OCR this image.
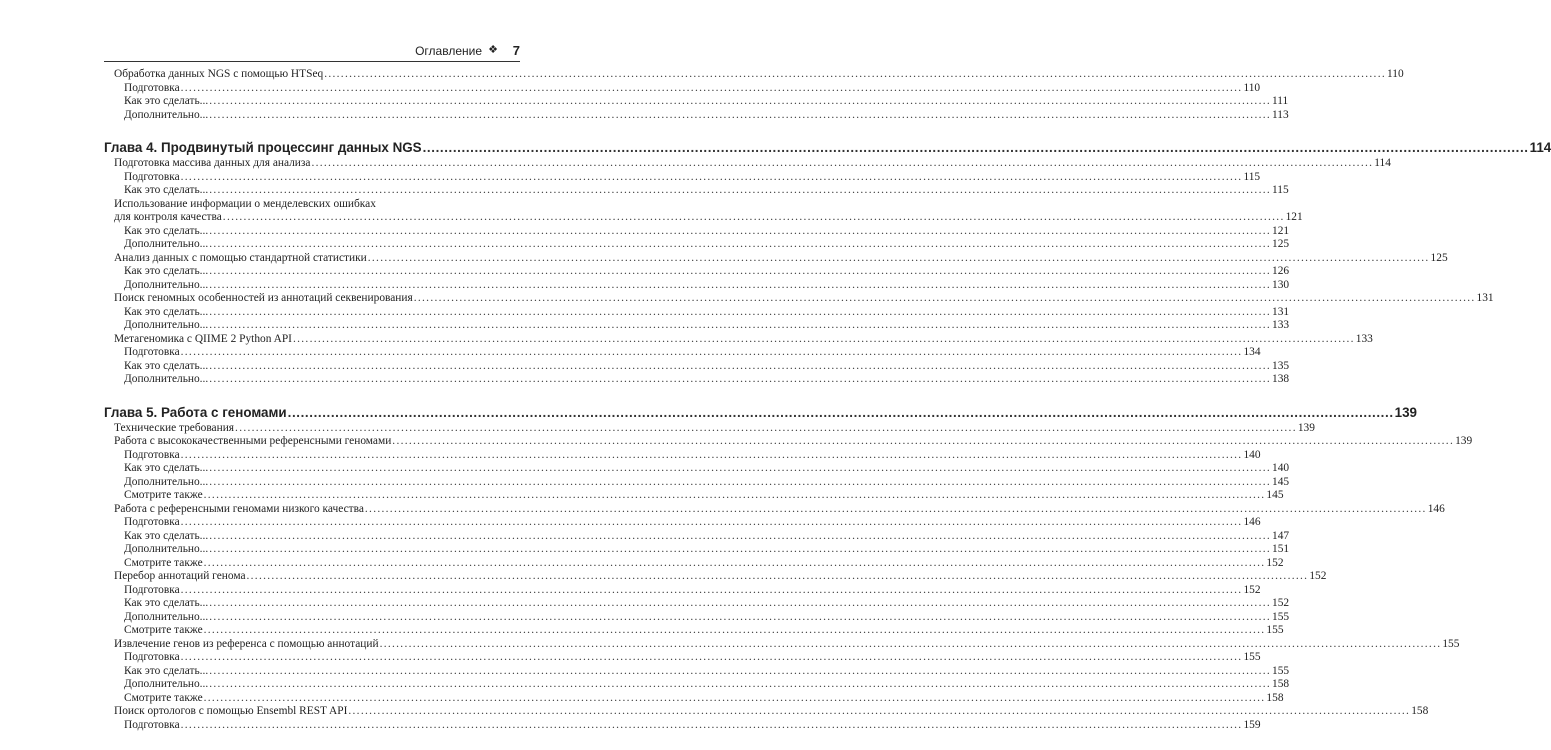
Оглавление ❖ 7
Обработка данных NGS с помощью HTSeq .....	110
Подготовка .....	110
Как это сделать... .....	111
Дополнительно... .....	113
Глава 4. Продвинутый процессинг данных NGS .....	114
Подготовка массива данных для анализа .....	114
Подготовка .....	115
Как это сделать... .....	115
Использование информации о менделевских ошибках
для контроля качества .....	121
Как это сделать... .....	121
Дополнительно... .....	125
Анализ данных с помощью стандартной статистики .....	125
Как это сделать... .....	126
Дополнительно... .....	130
Поиск геномных особенностей из аннотаций секвенирования .....	131
Как это сделать... .....	131
Дополнительно... .....	133
Метагеномика с QIIME 2 Python API .....	133
Подготовка .....	134
Как это сделать... .....	135
Дополнительно... .....	138
Глава 5. Работа с геномами .....	139
Технические требования .....	139
Работа с высококачественными референсными геномами .....	139
Подготовка .....	140
Как это сделать... .....	140
Дополнительно... .....	145
Смотрите также .....	145
Работа с референсными геномами низкого качества .....	146
Подготовка .....	146
Как это сделать... .....	147
Дополнительно... .....	151
Смотрите также .....	152
Перебор аннотаций генома .....	152
Подготовка .....	152
Как это сделать... .....	152
Дополнительно... .....	155
Смотрите также .....	155
Извлечение генов из референса с помощью аннотаций .....	155
Подготовка .....	155
Как это сделать... .....	155
Дополнительно... .....	158
Смотрите также .....	158
Поиск ортологов с помощью Ensembl REST API .....	158
Подготовка .....	159
